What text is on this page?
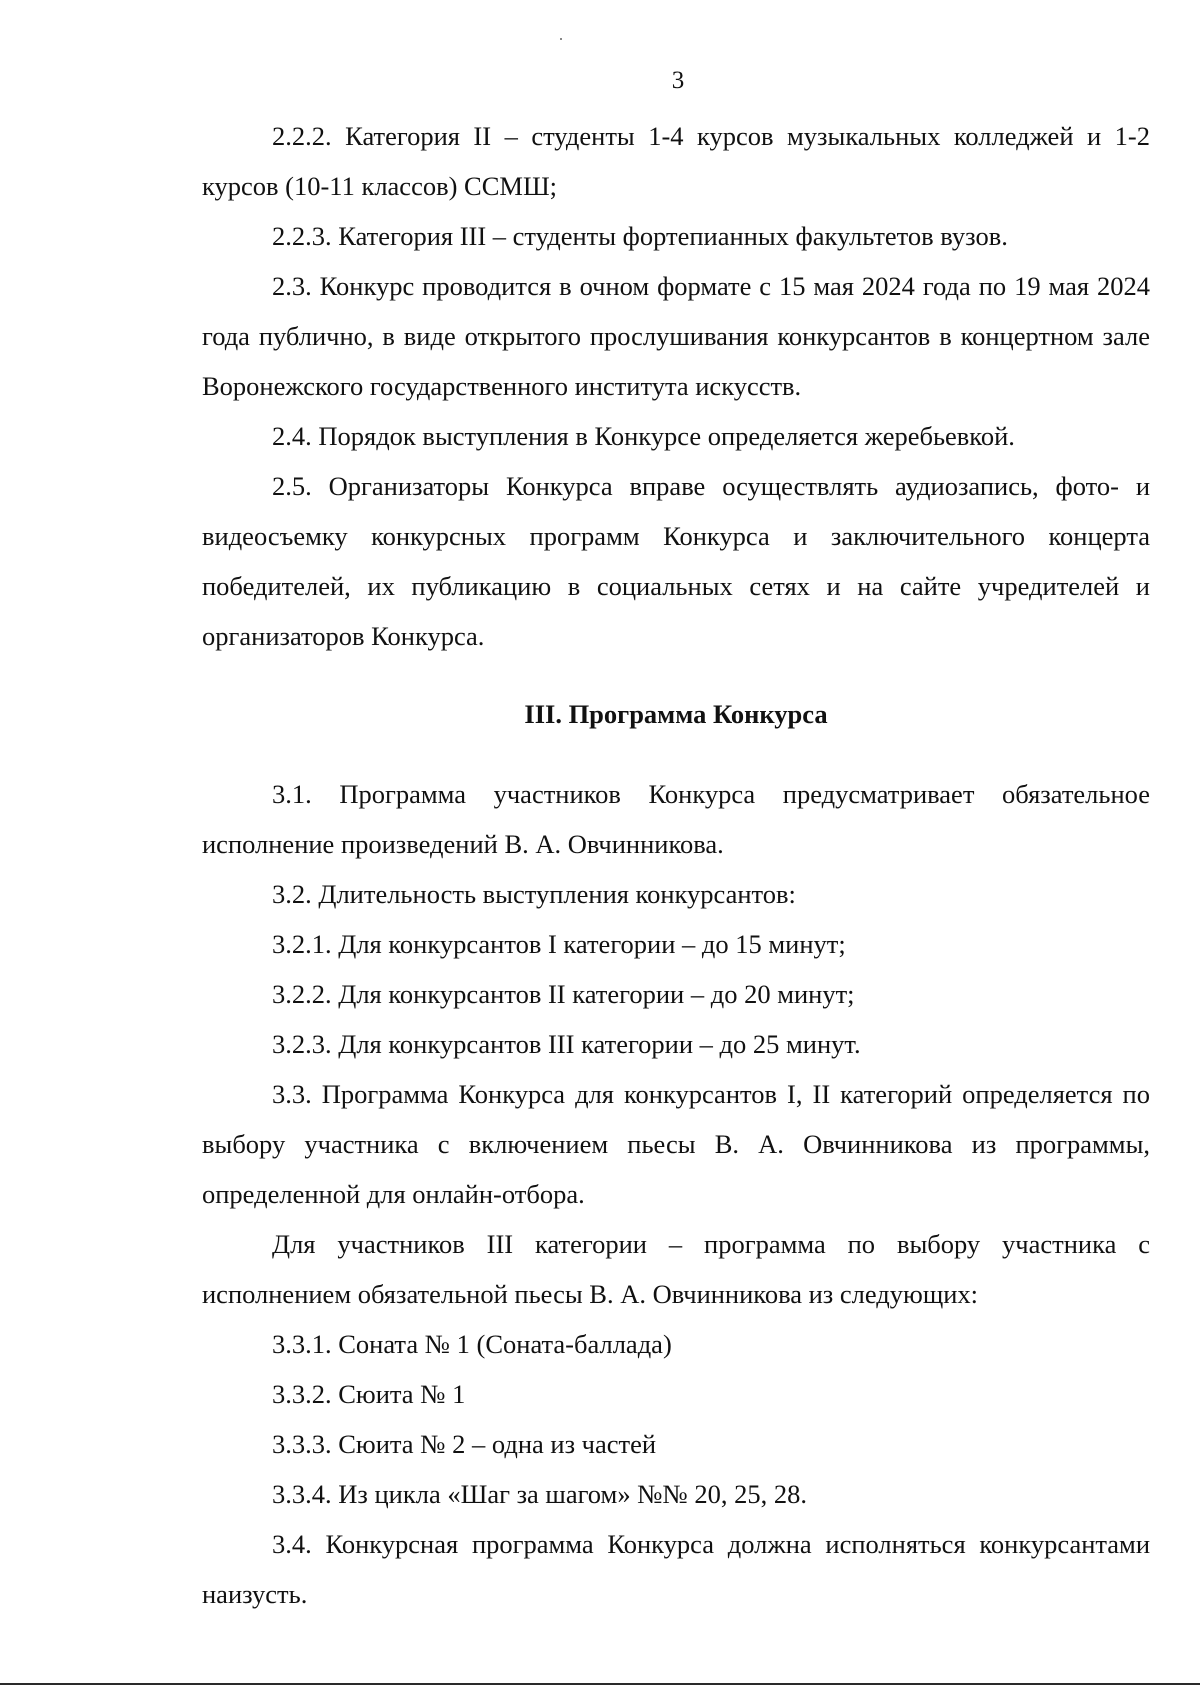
3

2.2.2. Категория II – студенты 1-4 курсов музыкальных колледжей и 1-2 курсов (10-11 классов) ССМШ;

2.2.3. Категория III – студенты фортепианных факультетов вузов.

2.3. Конкурс проводится в очном формате с 15 мая 2024 года по 19 мая 2024 года публично, в виде открытого прослушивания конкурсантов в концертном зале Воронежского государственного института искусств.

2.4. Порядок выступления в Конкурсе определяется жеребьевкой.

2.5. Организаторы Конкурса вправе осуществлять аудиозапись, фото- и видеосъемку конкурсных программ Конкурса и заключительного концерта победителей, их публикацию в социальных сетях и на сайте учредителей и организаторов Конкурса.

III. Программа Конкурса

3.1. Программа участников Конкурса предусматривает обязательное исполнение произведений В. А. Овчинникова.

3.2. Длительность выступления конкурсантов:

3.2.1. Для конкурсантов I категории – до 15 минут;

3.2.2. Для конкурсантов II категории – до 20 минут;

3.2.3. Для конкурсантов III категории – до 25 минут.

3.3. Программа Конкурса для конкурсантов I, II категорий определяется по выбору участника с включением пьесы В. А. Овчинникова из программы, определенной для онлайн-отбора.

Для участников III категории – программа по выбору участника с исполнением обязательной пьесы В. А. Овчинникова из следующих:

3.3.1. Соната № 1 (Соната-баллада)

3.3.2. Сюита № 1

3.3.3. Сюита № 2 – одна из частей

3.3.4. Из цикла «Шаг за шагом» №№ 20, 25, 28.

3.4. Конкурсная программа Конкурса должна исполняться конкурсантами наизусть.
